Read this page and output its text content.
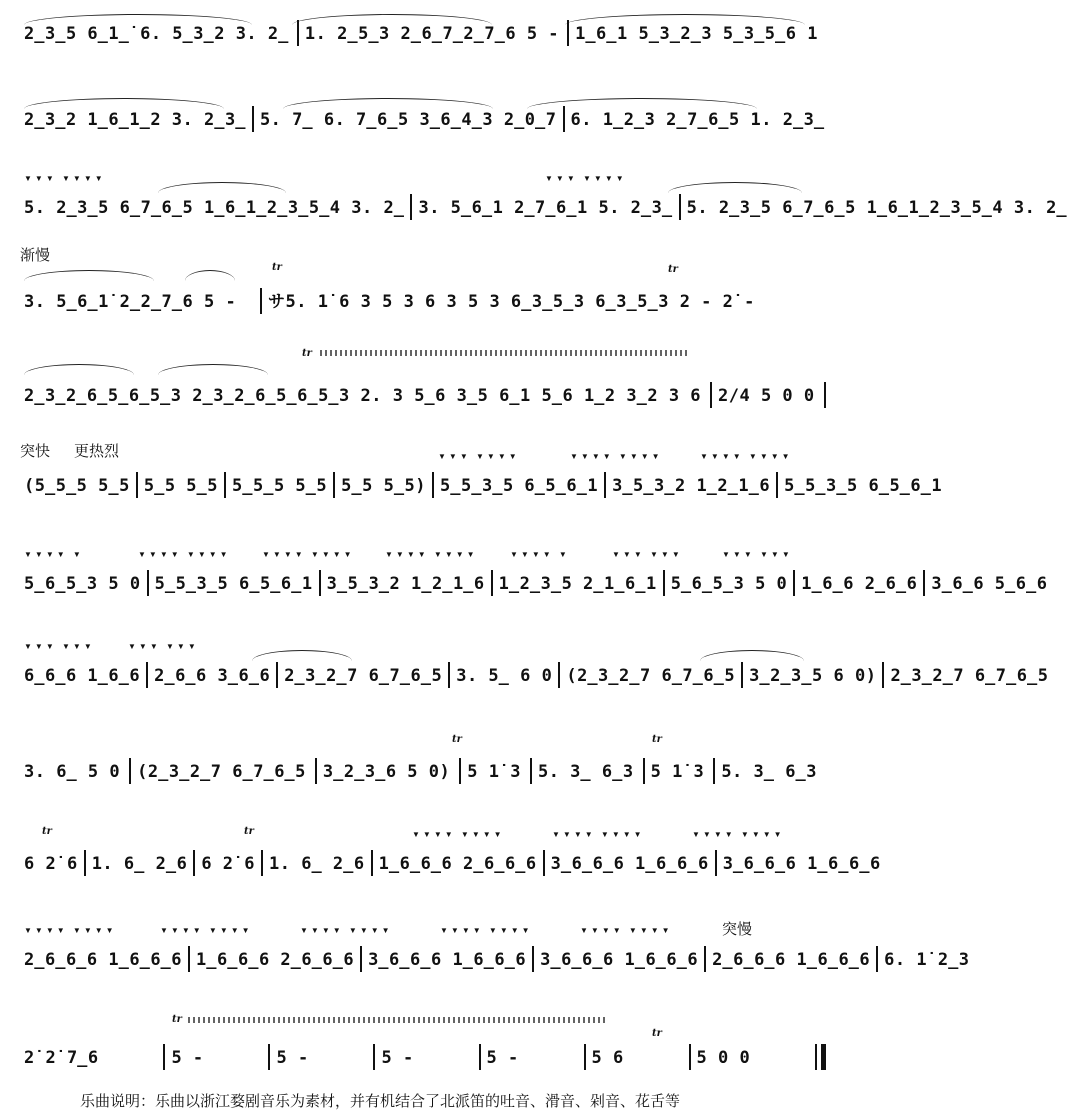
2̲3̲5 6̲1̲̇ 6. 5̲3̲2 3. 2̲ 1. 2̲5̲3 2̲6̲7̲2̲7̲6 5 - 1̲6̲1 5̲3̲2̲3 5̲3̲5̲6 1
2̲3̲2 1̲6̲1̲2 3. 2̲3̲ 5. 7̲ 6. 7̲6̲5 3̲6̲4̲3 2̲0̲7 6. 1̲2̲3 2̲7̲6̲5 1. 2̲3̲
5. 2̲3̲5 6̲7̲6̲5 1̲6̲1̲2̲3̲5̲4 3. 2̲ 3. 5̲6̲1 2̲7̲6̲1 5. 2̲3̲ 5. 2̲3̲5 6̲7̲6̲5 1̲6̲1̲2̲3̲5̲4 3. 2̲
▼▼▼ ▼▼▼▼	▼▼▼ ▼▼▼▼
渐慢
3. 5̲6̲1̇ 2̲2̲7̲6 5 -	サ5. 1̇ 6 3 5 3 6 3 5 3 6̲3̲5̲3 6̲3̲5̲3 2 - 2̇ -
tr	tr
2̲3̲2̲6̲5̲6̲5̲3 2̲3̲2̲6̲5̲6̲5̲3 2. 3 5̲6 3̲5 6̲1 5̲6 1̲2 3̲2 3 6 2/4 5 0 0
tr
突快 更热烈
(5̲5̲5 5̲5 5̲5 5̲5 5̲5̲5 5̲5 5̲5 5̲5) 5̲5̲3̲5 6̲5̲6̲1 3̲5̲3̲2 1̲2̲1̲6 5̲5̲3̲5 6̲5̲6̲1
▼▼▼ ▼▼▼▼	▼▼▼▼ ▼▼▼▼	▼▼▼▼ ▼▼▼▼
5̲6̲5̲3 5 0 5̲5̲3̲5 6̲5̲6̲1 3̲5̲3̲2 1̲2̲1̲6 1̲2̲3̲5 2̲1̲6̲1 5̲6̲5̲3 5 0 1̲6̲6 2̲6̲6 3̲6̲6 5̲6̲6
▼▼▼▼ ▼	▼▼▼▼ ▼▼▼▼	▼▼▼▼ ▼▼▼▼	▼▼▼▼ ▼▼▼▼	▼▼▼▼ ▼	▼▼▼ ▼▼▼	▼▼▼ ▼▼▼
6̲6̲6 1̲6̲6 2̲6̲6 3̲6̲6 2̲3̲2̲7 6̲7̲6̲5 3. 5̲ 6 0 (2̲3̲2̲7 6̲7̲6̲5 3̲2̲3̲5 6 0) 2̲3̲2̲7 6̲7̲6̲5
▼▼▼ ▼▼▼	▼▼▼ ▼▼▼
3. 6̲ 5 0	(2̲3̲2̲7 6̲7̲6̲5	3̲2̲3̲6 5 0)	5 1̇ 3	5. 3̲ 6̲3	5 1̇ 3	5. 3̲ 6̲3
tr	tr
6 2̇ 6 1. 6̲ 2̲6 6 2̇ 6 1. 6̲ 2̲6 1̲6̲6̲6 2̲6̲6̲6 3̲6̲6̲6 1̲6̲6̲6 3̲6̲6̲6 1̲6̲6̲6
tr	tr	▼▼▼▼ ▼▼▼▼	▼▼▼▼ ▼▼▼▼	▼▼▼▼ ▼▼▼▼
突慢
2̲6̲6̲6 1̲6̲6̲6 1̲6̲6̲6 2̲6̲6̲6 3̲6̲6̲6 1̲6̲6̲6 3̲6̲6̲6 1̲6̲6̲6 2̲6̲6̲6 1̲6̲6̲6 6. 1̇ 2̲3
▼▼▼▼ ▼▼▼▼	▼▼▼▼ ▼▼▼▼	▼▼▼▼ ▼▼▼▼	▼▼▼▼ ▼▼▼▼	▼▼▼▼ ▼▼▼▼
2̇ 2̇ 7̲6	5 -	5 -	5 -	5 -	5 6	5 0 0
tr
tr
乐曲说明：乐曲以浙江婺剧音乐为素材，并有机结合了北派笛的吐音、滑音、剁音、花舌等
